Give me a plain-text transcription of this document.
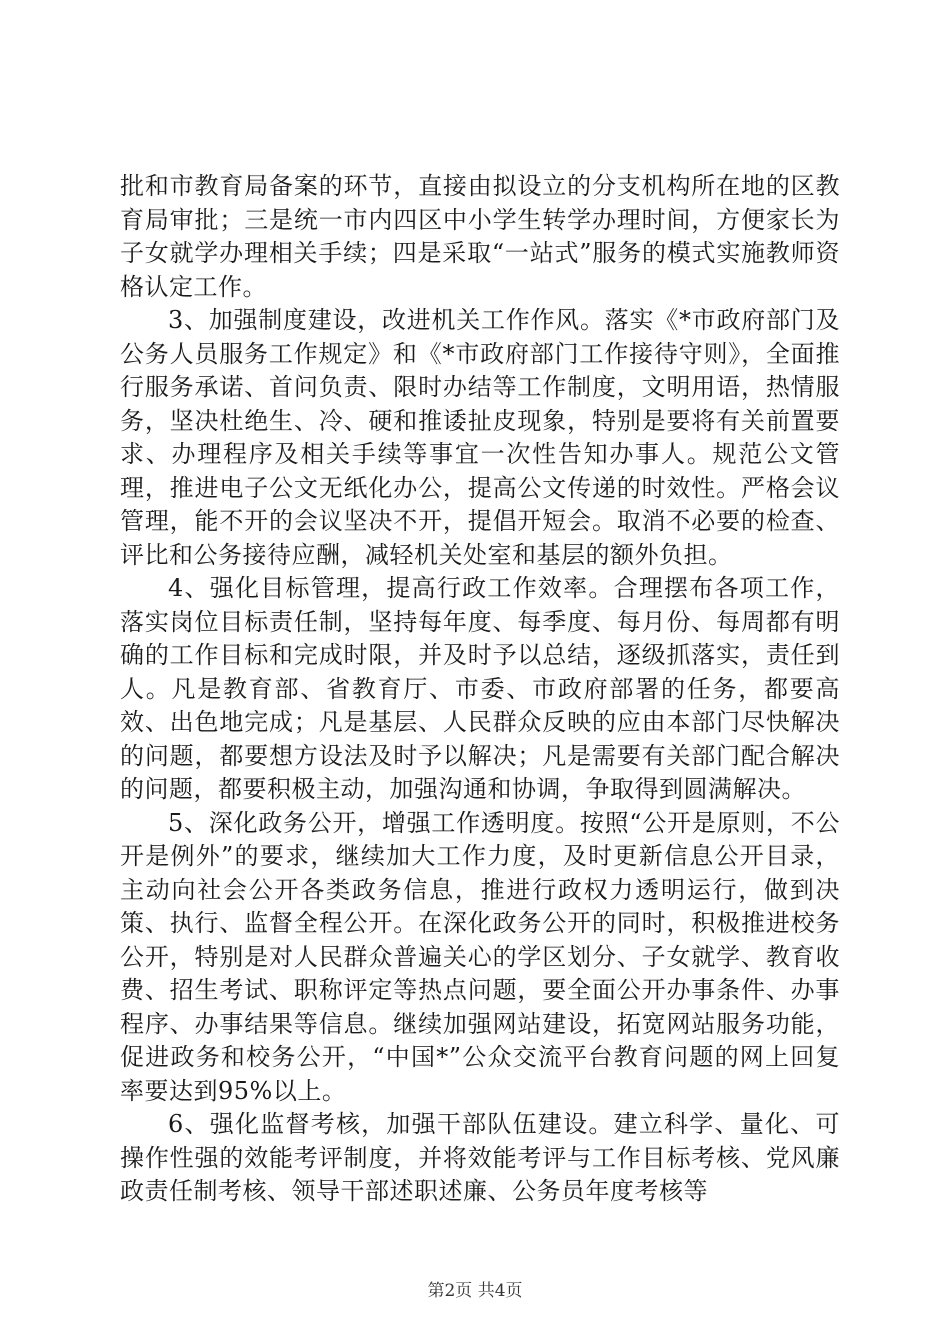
批和市教育局备案的环节，直接由拟设立的分支机构所在地的区教育局审批；三是统一市内四区中小学生转学办理时间，方便家长为子女就学办理相关手续；四是采取“一站式”服务的模式实施教师资格认定工作。

3、加强制度建设，改进机关工作作风。落实《*市政府部门及公务人员服务工作规定》和《*市政府部门工作接待守则》，全面推行服务承诺、首问负责、限时办结等工作制度，文明用语，热情服务，坚决杜绝生、冷、硬和推诿扯皮现象，特别是要将有关前置要求、办理程序及相关手续等事宜一次性告知办事人。规范公文管理，推进电子公文无纸化办公，提高公文传递的时效性。严格会议管理，能不开的会议坚决不开，提倡开短会。取消不必要的检查、评比和公务接待应酬，减轻机关处室和基层的额外负担。

4、强化目标管理，提高行政工作效率。合理摆布各项工作，落实岗位目标责任制，坚持每年度、每季度、每月份、每周都有明确的工作目标和完成时限，并及时予以总结，逐级抓落实，责任到人。凡是教育部、省教育厅、市委、市政府部署的任务，都要高效、出色地完成；凡是基层、人民群众反映的应由本部门尽快解决的问题，都要想方设法及时予以解决；凡是需要有关部门配合解决的问题，都要积极主动，加强沟通和协调，争取得到圆满解决。

5、深化政务公开，增强工作透明度。按照“公开是原则，不公开是例外”的要求，继续加大工作力度，及时更新信息公开目录，主动向社会公开各类政务信息，推进行政权力透明运行，做到决策、执行、监督全程公开。在深化政务公开的同时，积极推进校务公开，特别是对人民群众普遍关心的学区划分、子女就学、教育收费、招生考试、职称评定等热点问题，要全面公开办事条件、办事程序、办事结果等信息。继续加强网站建设，拓宽网站服务功能，促进政务和校务公开，“中国*”公众交流平台教育问题的网上回复率要达到95%以上。

6、强化监督考核，加强干部队伍建设。建立科学、量化、可操作性强的效能考评制度，并将效能考评与工作目标考核、党风廉政责任制考核、领导干部述职述廉、公务员年度考核等

第2页 共4页
